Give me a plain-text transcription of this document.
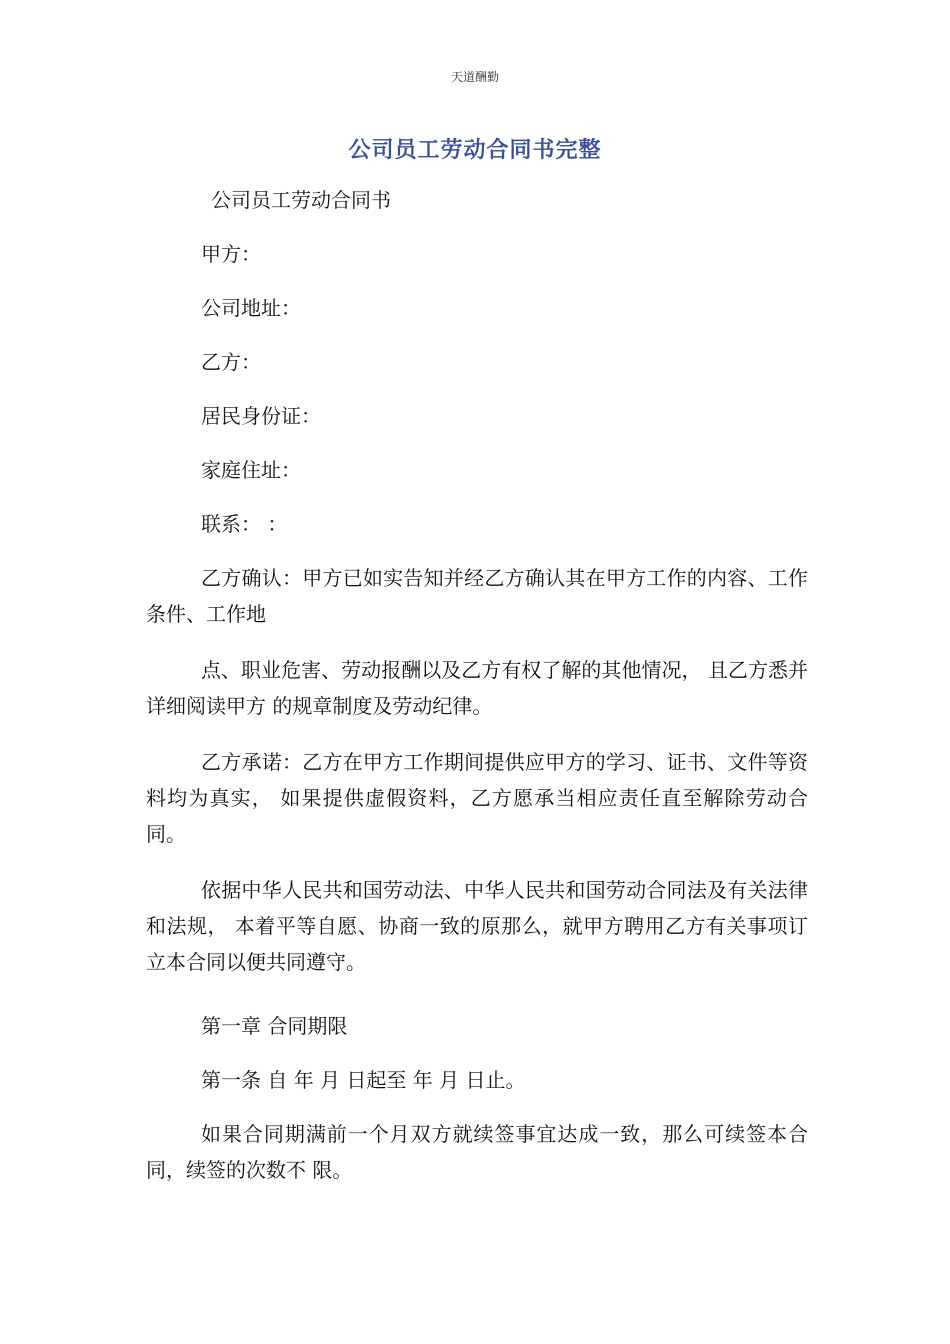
天道酬勤
公司员工劳动合同书完整
公司员工劳动合同书
甲方：
公司地址：
乙方：
居民身份证：
家庭住址：
联系： ：
乙方确认：甲方已如实告知并经乙方确认其在甲方工作的内容、工作条件、工作地
点、职业危害、劳动报酬以及乙方有权了解的其他情况， 且乙方悉并详细阅读甲方 的规章制度及劳动纪律。
乙方承诺：乙方在甲方工作期间提供应甲方的学习、证书、文件等资料均为真实， 如果提供虚假资料，乙方愿承当相应责任直至解除劳动合同。
依据中华人民共和国劳动法、中华人民共和国劳动合同法及有关法律和法规， 本着平等自愿、协商一致的原那么，就甲方聘用乙方有关事项订立本合同以便共同遵守。
第一章 合同期限
第一条 自 年 月 日起至 年 月 日止。
如果合同期满前一个月双方就续签事宜达成一致，那么可续签本合同，续签的次数不 限。
